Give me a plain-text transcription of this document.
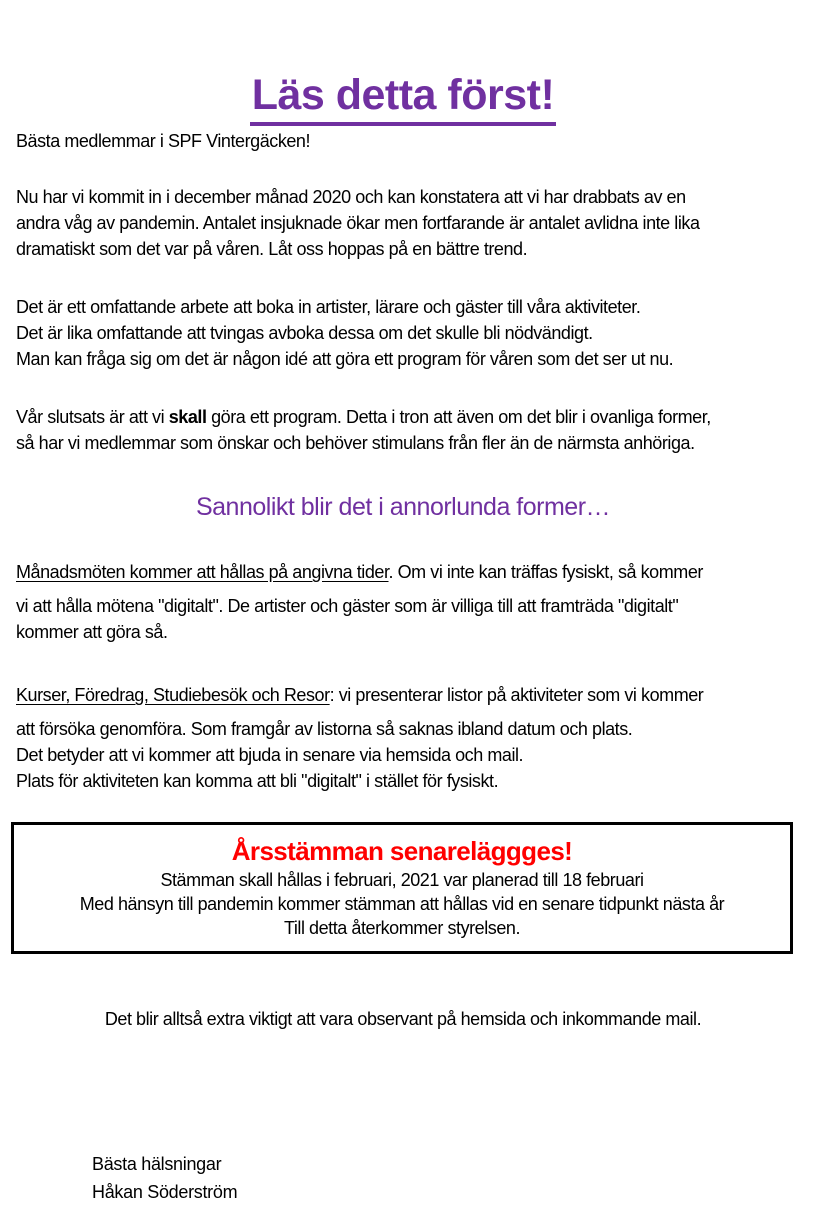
Läs detta först!
Bästa medlemmar i SPF Vintergäcken!
Nu har vi kommit in i december månad 2020 och kan konstatera att vi har drabbats av en
andra våg av pandemin. Antalet insjuknade ökar men fortfarande är antalet avlidna inte lika
dramatiskt som det var på våren. Låt oss hoppas på en bättre trend.
Det är ett omfattande arbete att boka in artister, lärare och gäster till våra aktiviteter.
Det är lika omfattande att tvingas avboka dessa om det skulle bli nödvändigt.
Man kan fråga sig om det är någon idé att göra ett program för våren som det ser ut nu.
Vår slutsats är att vi skall göra ett program. Detta i tron att även om det blir i ovanliga former,
så har vi medlemmar som önskar och behöver stimulans från fler än de närmsta anhöriga.
Sannolikt blir det i annorlunda former…
Månadsmöten kommer att hållas på angivna tider. Om vi inte kan träffas fysiskt, så kommer
vi att hålla mötena "digitalt". De artister och gäster som är villiga till att framträda "digitalt"
kommer att göra så.
Kurser, Föredrag, Studiebesök och Resor: vi presenterar listor på aktiviteter som vi kommer
att försöka genomföra. Som framgår av listorna så saknas ibland datum och plats.
Det betyder att vi kommer att bjuda in senare via hemsida och mail.
Plats för aktiviteten kan komma att bli "digitalt" i stället för fysiskt.
Årsstämman senareläggges!
Stämman skall hållas i februari, 2021 var planerad till 18 februari
Med hänsyn till pandemin kommer stämman att hållas vid en senare tidpunkt nästa år
Till detta återkommer styrelsen.
Det blir alltså extra viktigt att vara observant på hemsida och inkommande mail.
Bästa hälsningar
Håkan Söderström
